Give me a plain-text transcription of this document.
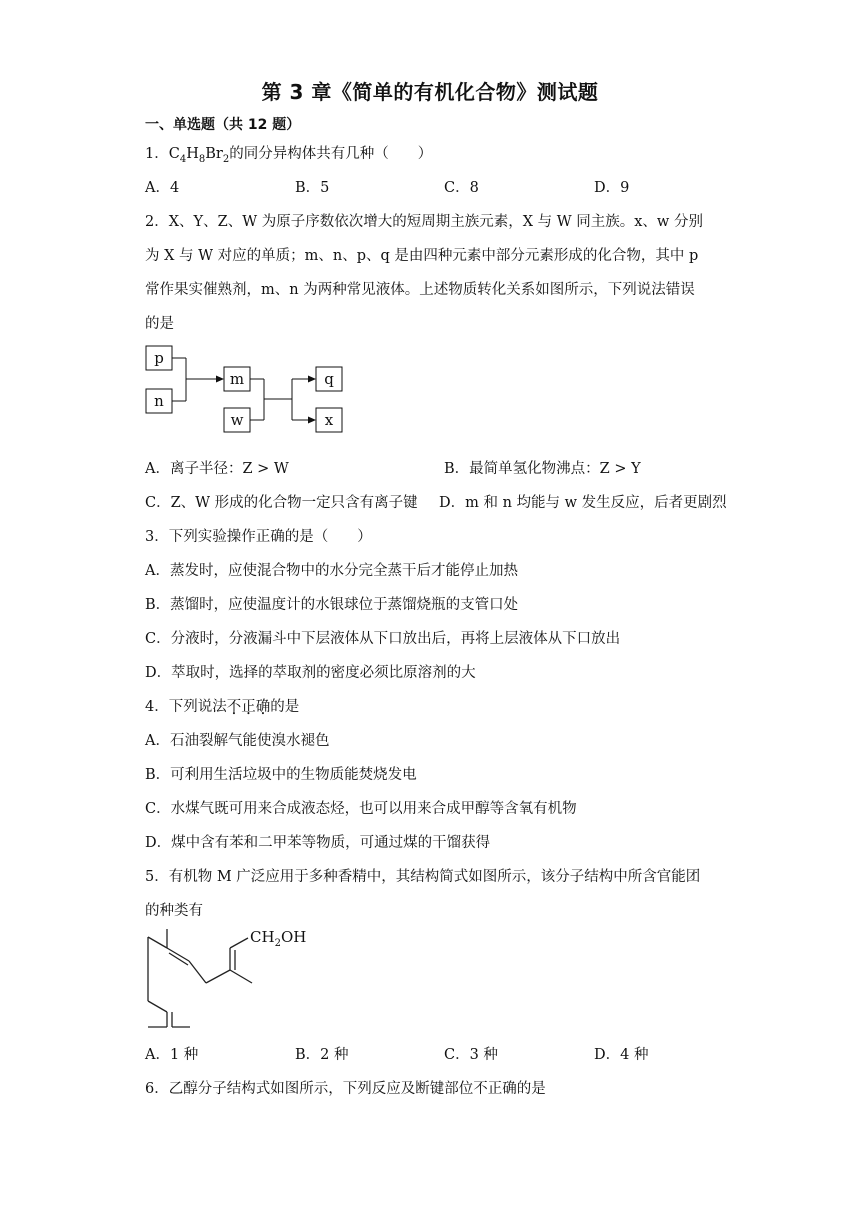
第 3 章《简单的有机化合物》测试题
一、单选题（共 12 题）
1．$C_4H_8Br_2$的同分异构体共有几种（　　）
A．4	B．5	C．8	D．9
2．X、Y、Z、W 为原子序数依次增大的短周期主族元素，X 与 W 同主族。x、w 分别
为 X 与 W 对应的单质；m、n、p、q 是由四种元素中部分元素形成的化合物，其中 p
常作果实催熟剂，m、n 为两种常见液体。上述物质转化关系如图所示，下列说法错误
的是
p
n
m
w
q
x
A．离子半径：Z > W	B．最简单氢化物沸点：Z > Y
C．Z、W 形成的化合物一定只含有离子键 D．m 和 n 均能与 w 发生反应，后者更剧烈
3．下列实验操作正确的是（　　）
A．蒸发时，应使混合物中的水分完全蒸干后才能停止加热
B．蒸馏时，应使温度计的水银球位于蒸馏烧瓶的支管口处
C．分液时，分液漏斗中下层液体从下口放出后，再将上层液体从下口放出
D．萃取时，选择的萃取剂的密度必须比原溶剂的大
4．下列说法不正确的是
A．石油裂解气能使溴水褪色
B．可利用生活垃圾中的生物质能焚烧发电
C．水煤气既可用来合成液态烃，也可以用来合成甲醇等含氧有机物
D．煤中含有苯和二甲苯等物质，可通过煤的干馏获得
5．有机物 M 广泛应用于多种香精中，其结构简式如图所示，该分子结构中所含官能团
的种类有
$CH_2OH$
A．1 种	B．2 种	C．3 种	D．4 种
6．乙醇分子结构式如图所示，下列反应及断键部位不正确的是
